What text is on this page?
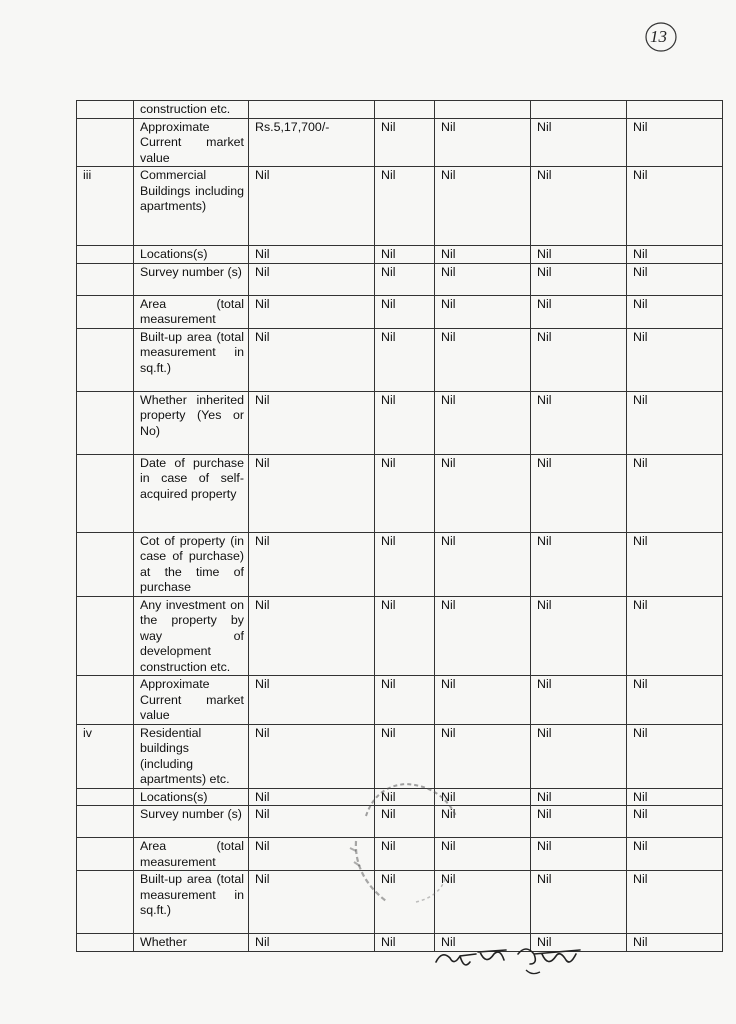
13
	construction etc.					
	Approximate Current market value	Rs.5,17,700/-	Nil	Nil	Nil	Nil
iii	Commercial Buildings including apartments)	Nil	Nil	Nil	Nil	Nil
	Locations(s)	Nil	Nil	Nil	Nil	Nil
	Survey number (s)	Nil	Nil	Nil	Nil	Nil
	Area (total measurement	Nil	Nil	Nil	Nil	Nil
	Built-up area (total measurement in sq.ft.)	Nil	Nil	Nil	Nil	Nil
	Whether inherited property (Yes or No)	Nil	Nil	Nil	Nil	Nil
	Date of purchase in case of self-acquired property	Nil	Nil	Nil	Nil	Nil
	Cot of property (in case of purchase) at the time of purchase	Nil	Nil	Nil	Nil	Nil
	Any investment on the property by way of development construction etc.	Nil	Nil	Nil	Nil	Nil
	Approximate Current market value	Nil	Nil	Nil	Nil	Nil
iv	Residential buildings (including apartments) etc.	Nil	Nil	Nil	Nil	Nil
	Locations(s)	Nil	Nil	Nil	Nil	Nil
	Survey number (s)	Nil	Nil	Nil	Nil	Nil
	Area (total measurement	Nil	Nil	Nil	Nil	Nil
	Built-up area (total measurement in sq.ft.)	Nil	Nil	Nil	Nil	Nil
	Whether	Nil	Nil	Nil	Nil	Nil
